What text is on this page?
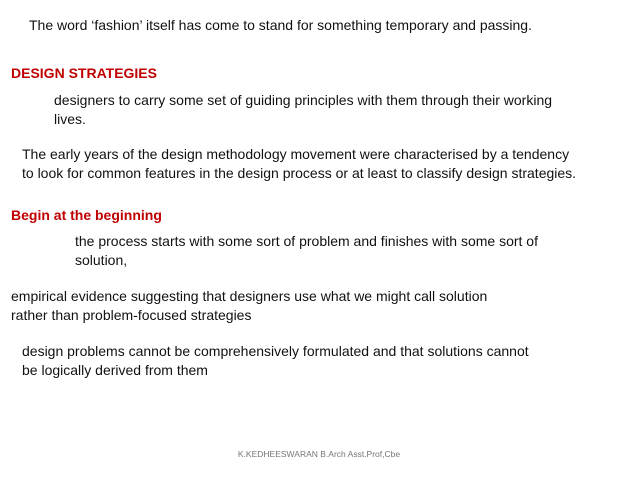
The word ‘fashion’ itself has come to stand for something temporary and passing.

DESIGN STRATEGIES

designers to carry some set of guiding principles with them through their working

lives.

The early years of the design methodology movement were characterised by a tendency

to look for common features in the design process or at least to classify design strategies.

Begin at the beginning

the process starts with some sort of problem and finishes with some sort of

solution,

empirical evidence suggesting that designers use what we might call solution

rather than problem-focused strategies

design problems cannot be comprehensively formulated and that solutions cannot

be logically derived from them

K.KEDHEESWARAN B.Arch Asst.Prof,Cbe
